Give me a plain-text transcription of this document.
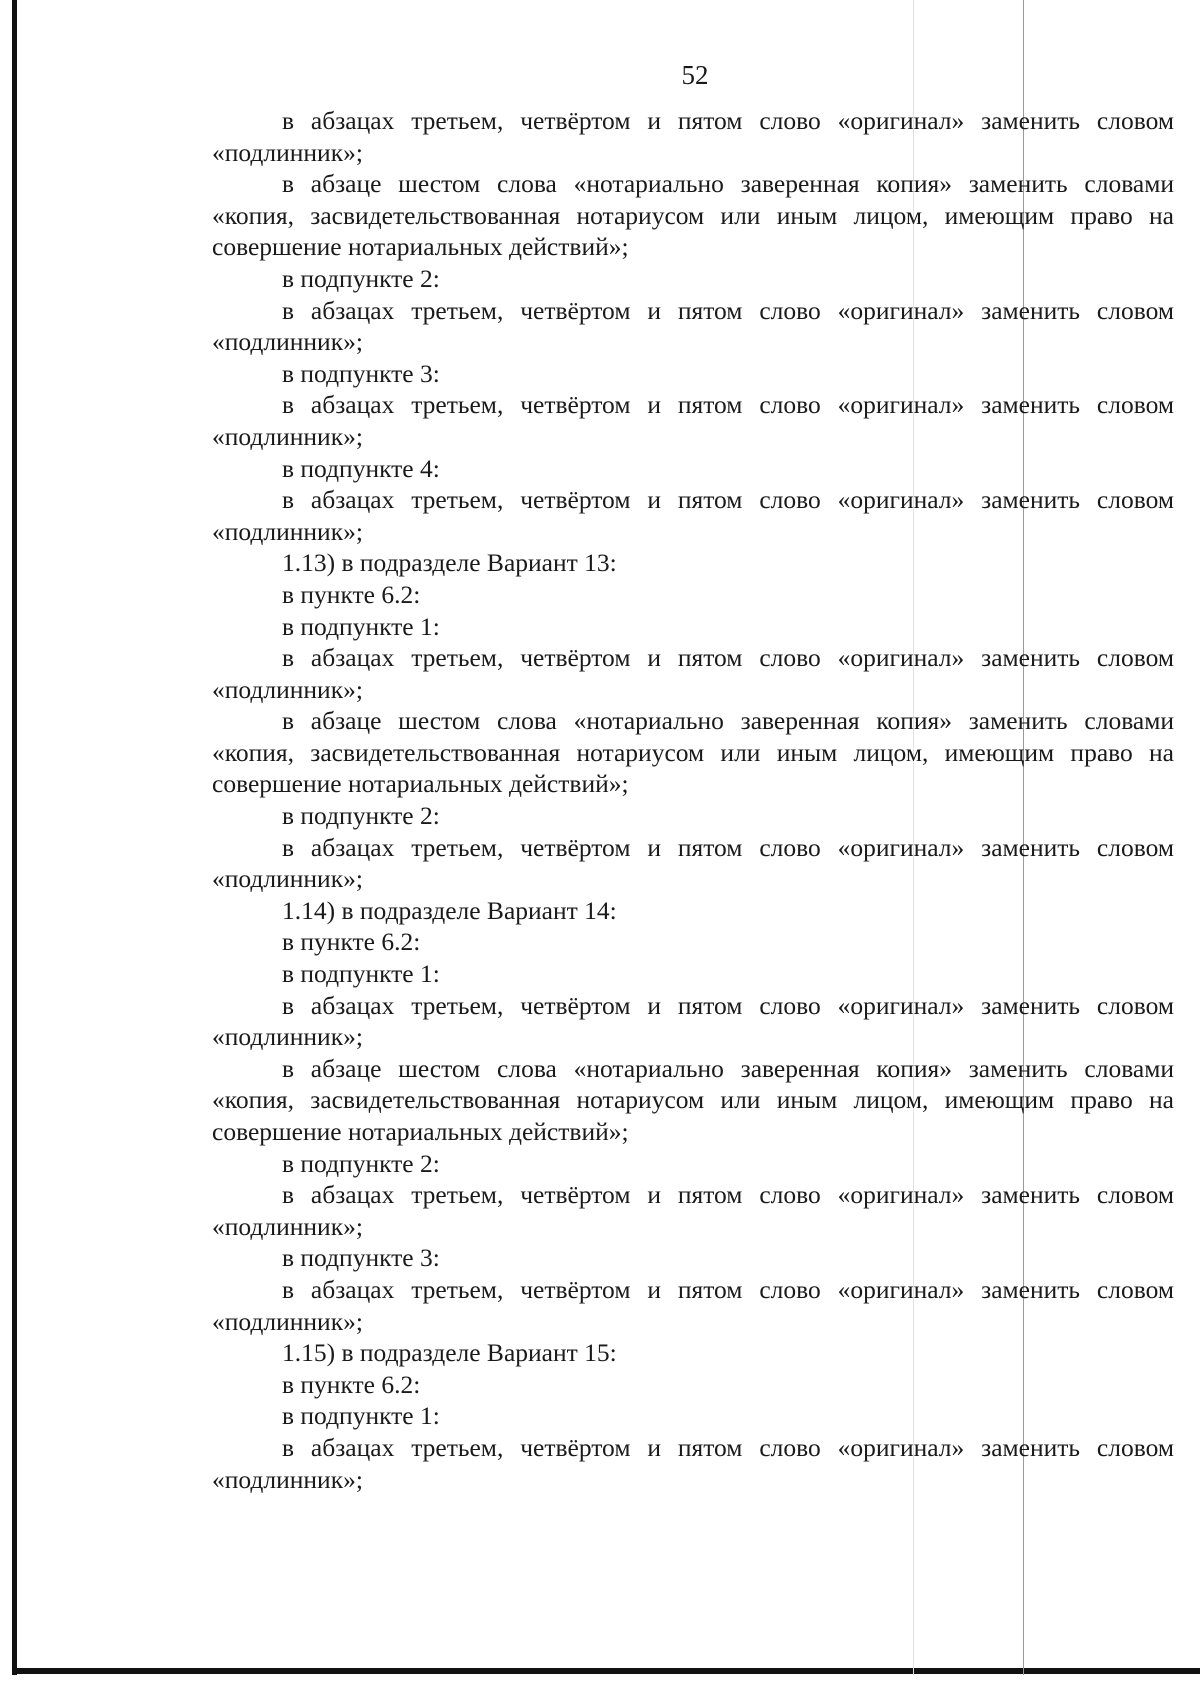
52

в абзацах третьем, четвёртом и пятом слово «оригинал» заменить словом «подлинник»;

в абзаце шестом слова «нотариально заверенная копия» заменить словами «копия, засвидетельствованная нотариусом или иным лицом, имеющим право на совершение нотариальных действий»;

в подпункте 2:

в абзацах третьем, четвёртом и пятом слово «оригинал» заменить словом «подлинник»;

в подпункте 3:

в абзацах третьем, четвёртом и пятом слово «оригинал» заменить словом «подлинник»;

в подпункте 4:

в абзацах третьем, четвёртом и пятом слово «оригинал» заменить словом «подлинник»;

1.13) в подразделе Вариант 13:

в пункте 6.2:

в подпункте 1:

в абзацах третьем, четвёртом и пятом слово «оригинал» заменить словом «подлинник»;

в абзаце шестом слова «нотариально заверенная копия» заменить словами «копия, засвидетельствованная нотариусом или иным лицом, имеющим право на совершение нотариальных действий»;

в подпункте 2:

в абзацах третьем, четвёртом и пятом слово «оригинал» заменить словом «подлинник»;

1.14) в подразделе Вариант 14:

в пункте 6.2:

в подпункте 1:

в абзацах третьем, четвёртом и пятом слово «оригинал» заменить словом «подлинник»;

в абзаце шестом слова «нотариально заверенная копия» заменить словами «копия, засвидетельствованная нотариусом или иным лицом, имеющим право на совершение нотариальных действий»;

в подпункте 2:

в абзацах третьем, четвёртом и пятом слово «оригинал» заменить словом «подлинник»;

в подпункте 3:

в абзацах третьем, четвёртом и пятом слово «оригинал» заменить словом «подлинник»;

1.15) в подразделе Вариант 15:

в пункте 6.2:

в подпункте 1:

в абзацах третьем, четвёртом и пятом слово «оригинал» заменить словом «подлинник»;
